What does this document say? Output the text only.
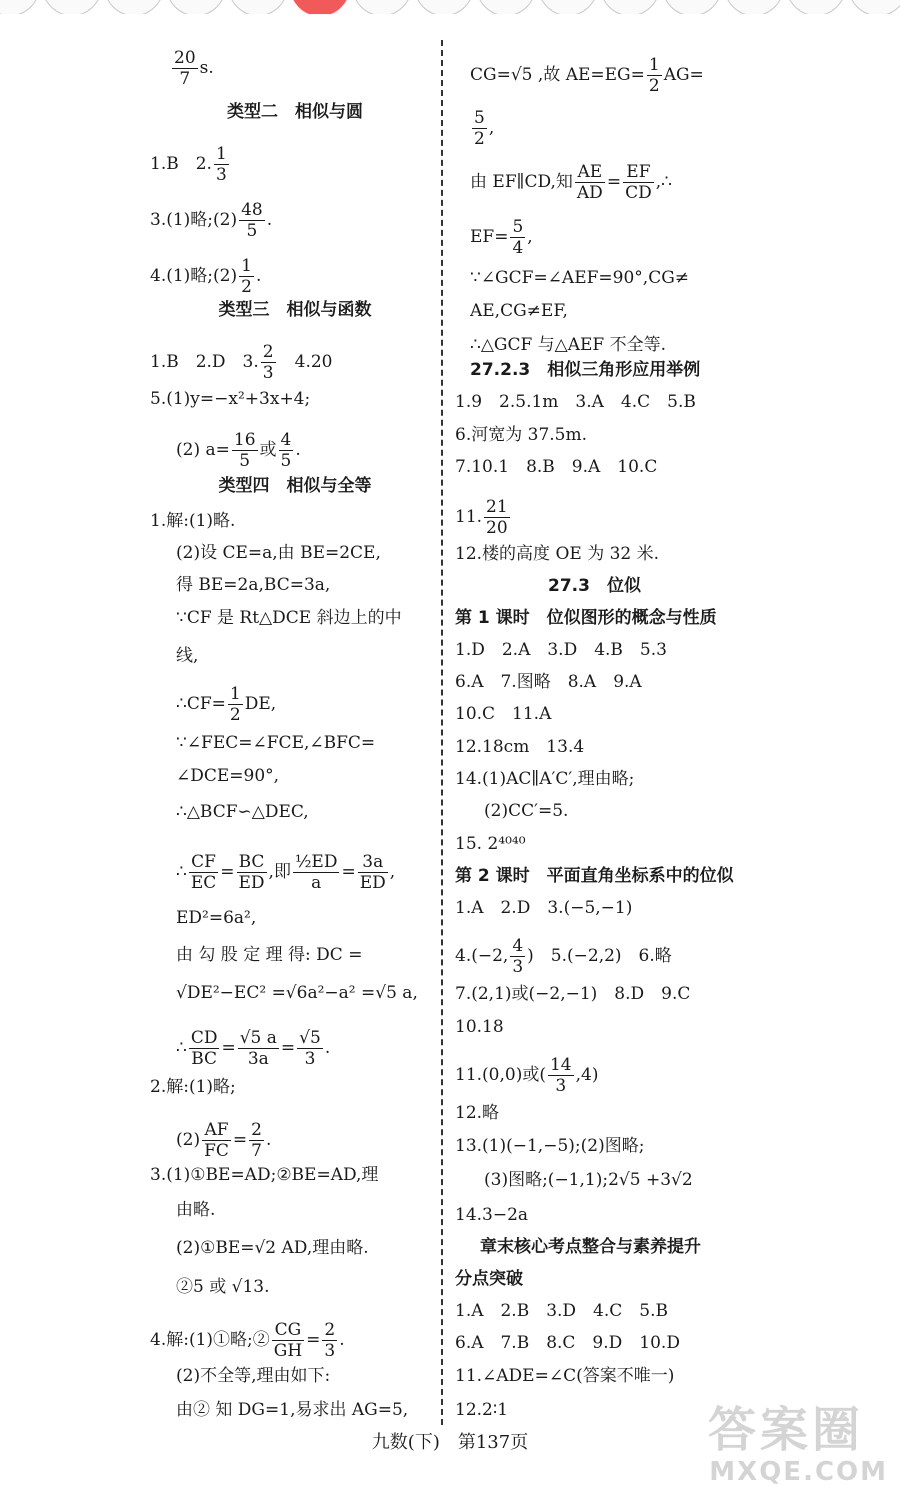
$\frac{20}{7} s$.
类型二　相似与圆
1.B　2. $\frac{1}{3}$
3.(1)略;(2) $\frac{48}{5}$ .
4.(1)略;(2) $\frac{1}{2}$ .
类型三　相似与函数
1.B　2.D　3. $\frac{2}{3}$ 　4.20
5.(1)y=−x²+3x+4;
(2) $a= \frac{16}{5}$ 或 $\frac{4}{5}$ .
类型四　相似与全等
1.解:(1)略.
(2)设 CE=a,由 BE=2CE,
得 BE=2a,BC=3a,
∵CF 是 Rt△DCE 斜边上的中
线,
∴CF= $\frac{1}{2}$ DE,
∵∠FEC=∠FCE,∠BFC=
∠DCE=90°,
∴△BCF∽△DEC,
∴ $\frac{CF}{EC} = \frac{BC}{ED}$ ,即 $\frac{\text{½ED}}{a} = \frac{3a}{ED}$ ,
ED²=6a²,
由 勾 股 定 理 得: DC =
√DE²−EC² =√6a²−a² =√5 a,
∴ $\frac{CD}{BC} = \frac{√5 a}{3a} = \frac{√5}{3}$ .
2.解:(1)略;
$(2) \frac{AF}{FC} = \frac{2}{7}$ .
3.(1)①BE=AD;②BE=AD,理
由略.
(2)①BE=√2 AD,理由略.
②5 或 √13.
4.解:(1)①略;② $\frac{CG}{GH} = \frac{2}{3}$ .
(2)不全等,理由如下:
由② 知 DG=1,易求出 AG=5,
CG=√5 ,故 $AE=EG= \frac{1}{2} AG=$
$\frac{5}{2}$ ,
由 EF∥CD,知 $\frac{AE}{AD} = \frac{EF}{CD}$ ,∴
$EF= \frac{5}{4}$ ,
∵∠GCF=∠AEF=90°,CG≠
AE,CG≠EF,
∴△GCF 与△AEF 不全等.
27.2.3　相似三角形应用举例
1.9　2.5.1m　3.A　4.C　5.B
6.河宽为 37.5m.
7.10.1　8.B　9.A　10.C
11. $\frac{21}{20}$
12.楼的高度 OE 为 32 米.
27.3　位似
第 1 课时　位似图形的概念与性质
1.D　2.A　3.D　4.B　5.3
6.A　7.图略　8.A　9.A
10.C　11.A
12.18cm　13.4
14.(1)AC∥A′C′,理由略;
(2)CC′=5.
15. 2⁴⁰⁴⁰
第 2 课时　平面直角坐标系中的位似
1.A　2.D　3.(−5,−1)
4.(−2, $\frac{4}{3}$ )　5.(−2,2)　6.略
7.(2,1)或(−2,−1)　8.D　9.C
10.18
11.(0,0)或( $\frac{14}{3} ,4$)
12.略
13.(1)(−1,−5);(2)图略;
(3)图略;(−1,1);2√5 +3√2
14.3−2a
章末核心考点整合与素养提升
分点突破
1.A　2.B　3.D　4.C　5.B
6.A　7.B　8.C　9.D　10.D
11.∠ADE=∠C(答案不唯一)
12.2∶1
九数(下)　第137页	答案圈
MXQE.COM
